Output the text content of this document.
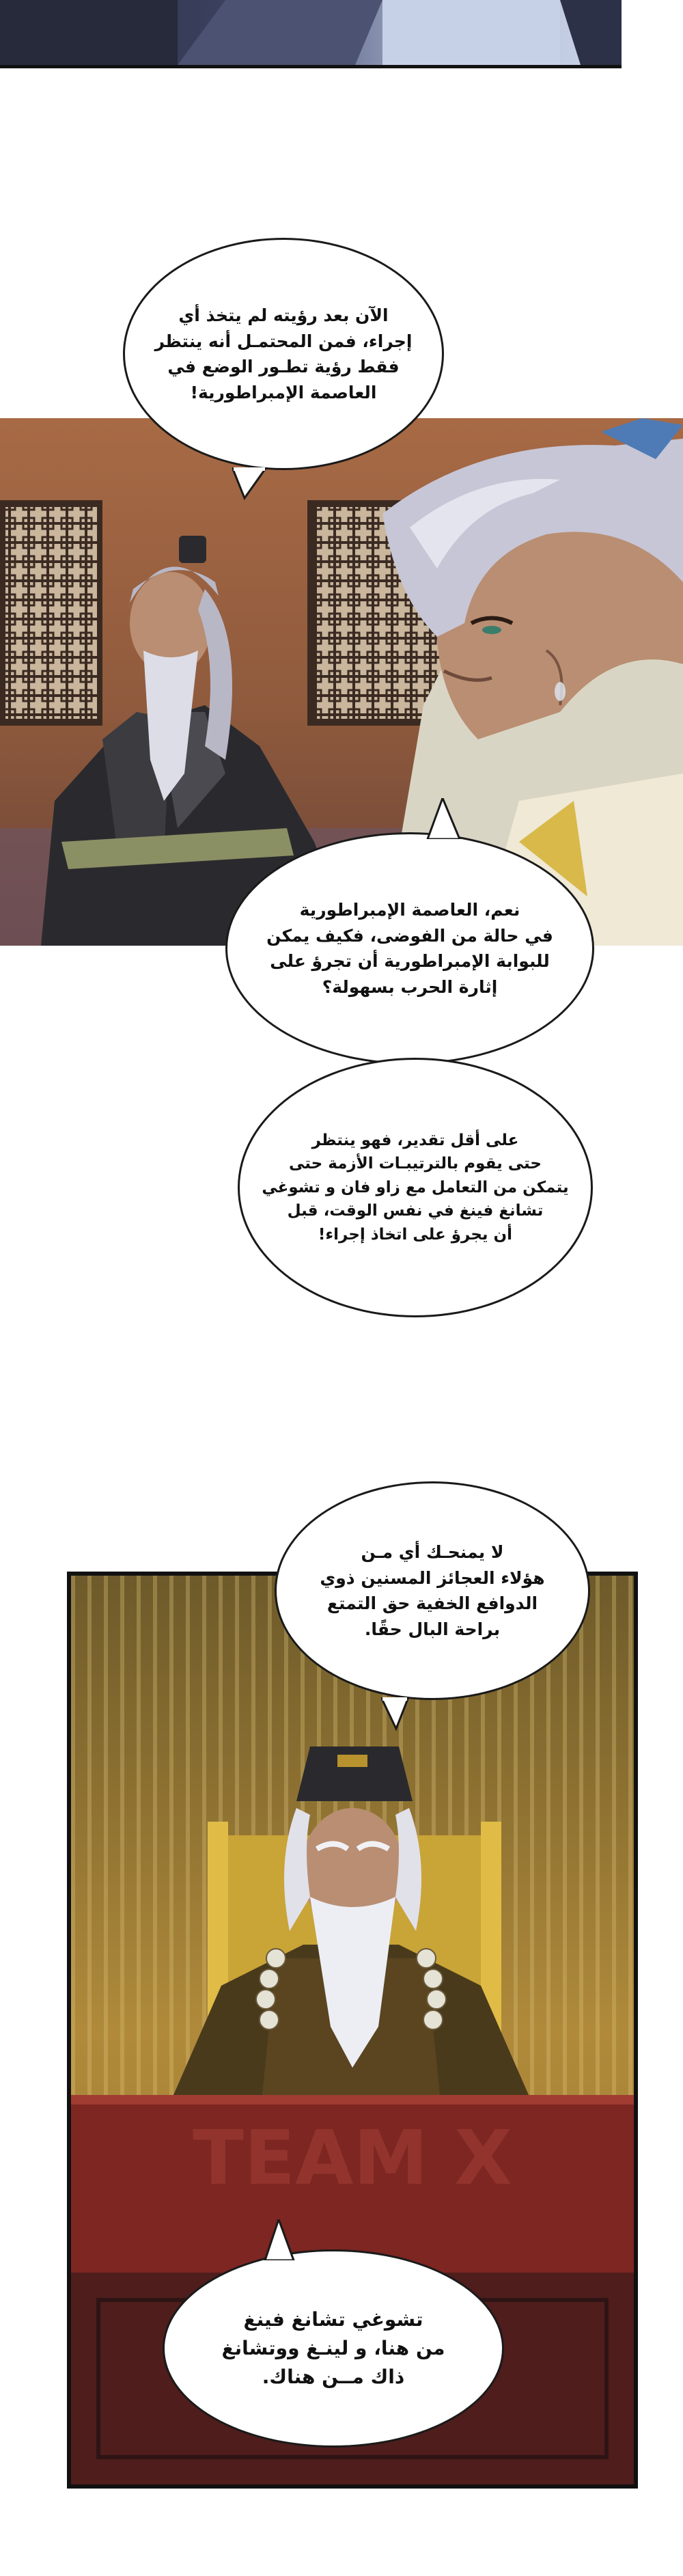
TEAM X
الآن بعد رؤيته لم يتخذ أي
إجراء، فمن المحتمـل أنه ينتظر
فقط رؤية تطـور الوضع في
العاصمة الإمبراطورية!
نعم، العاصمة الإمبراطورية
في حالة من الفوضى، فكيف يمكن
للبوابة الإمبراطورية أن تجرؤ على
إثارة الحرب بسهولة؟
على أقل تقدير، فهو ينتظر
حتى يقوم بالترتيبـات الأزمة حتى
يتمكن من التعامل مع زاو فان و تشوغي
تشانغ فينغ في نفس الوقت، قبل
أن يجرؤ على اتخاذ إجراء!
لا يمنحـك أي مـن
هؤلاء العجائز المسنين ذوي
الدوافع الخفية حق التمتع
براحة البال حقًا.
تشوغي تشانغ فينغ
من هنا، و لينـغ ووتشانغ
ذاك مــن هناك.
